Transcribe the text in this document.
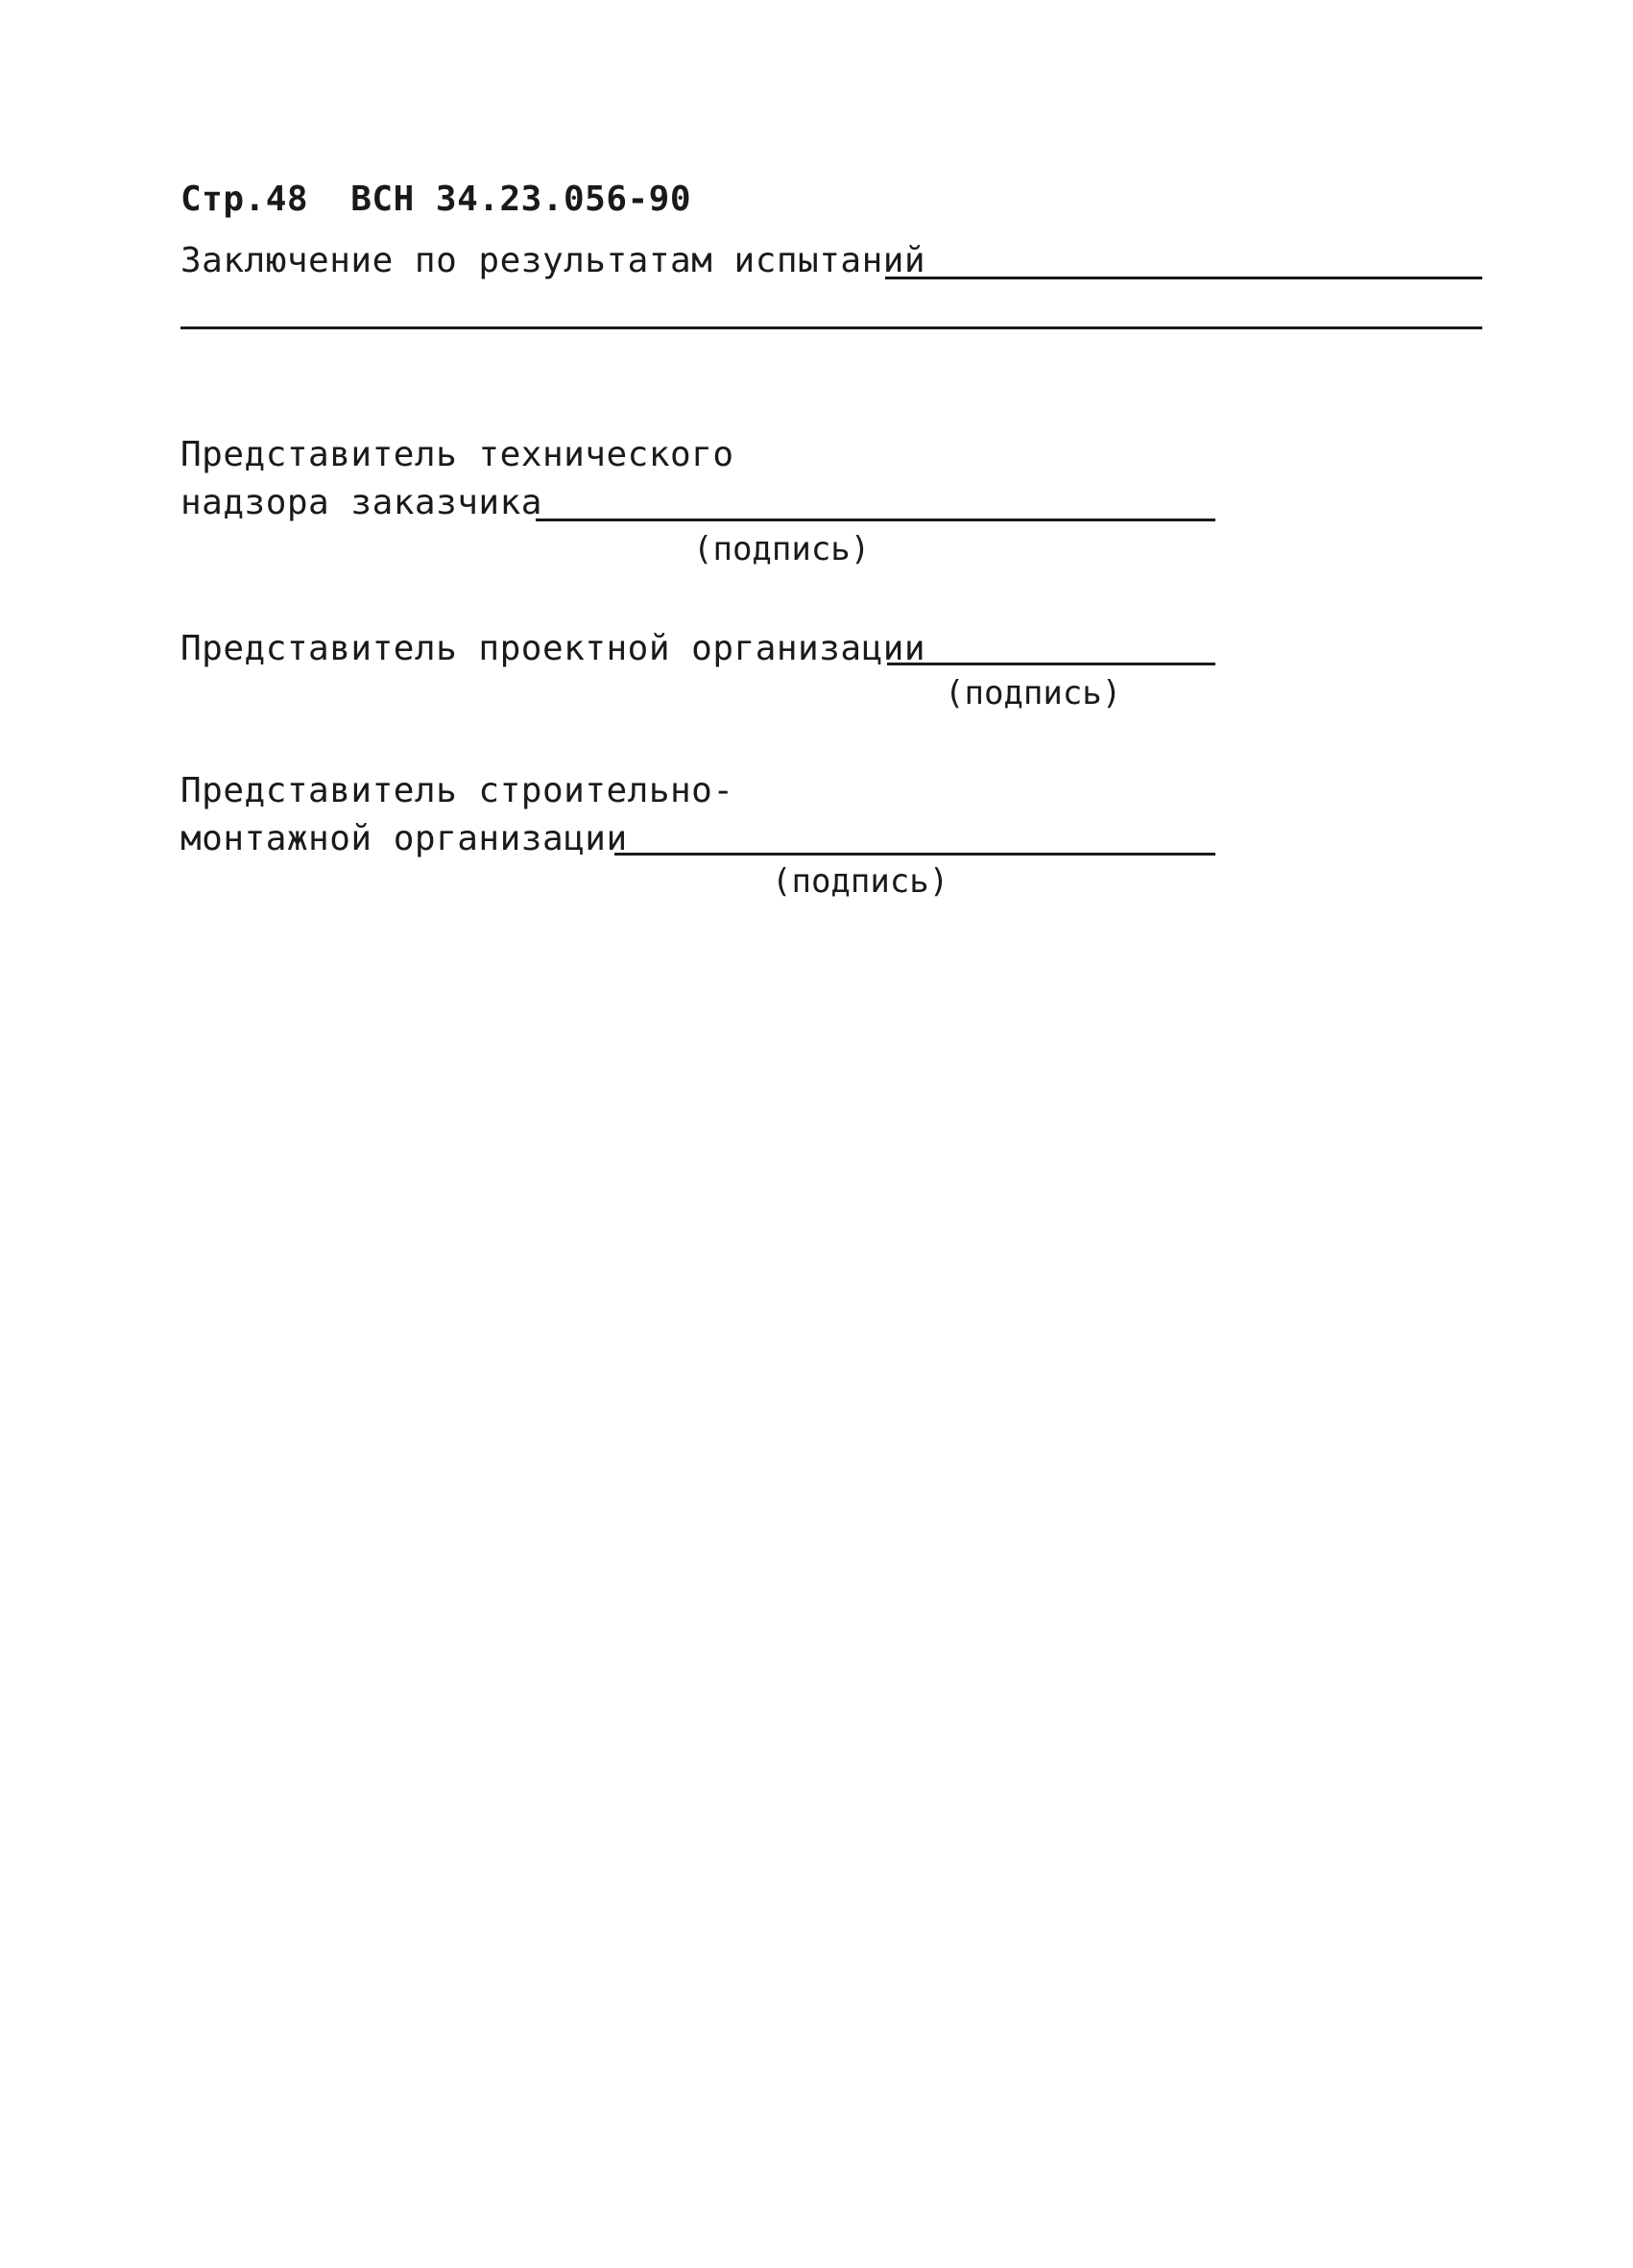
Стр.48 ВСН 34.23.056-90
Заключение по результатам испытаний
Представитель технического
надзора заказчика
(подпись)
Представитель проектной организации
(подпись)
Представитель строительно-
монтажной организации
(подпись)
